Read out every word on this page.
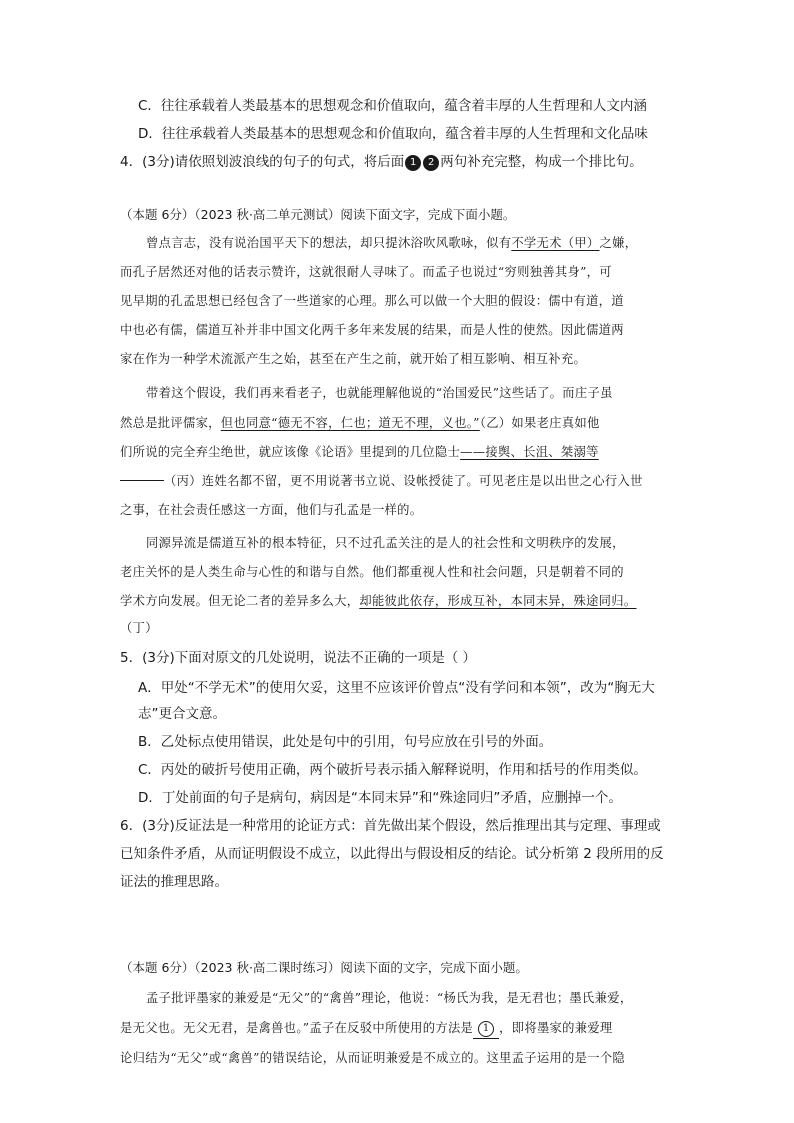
C．往往承载着人类最基本的思想观念和价值取向，蕴含着丰厚的人生哲理和人文内涵
D．往往承载着人类最基本的思想观念和价值取向，蕴含着丰厚的人生哲理和文化品味
4．(3分)请依照划波浪线的句子的句式，将后面 1 2 两句补充完整，构成一个排比句。
（本题 6分）（2023 秋·高二单元测试）阅读下面文字，完成下面小题。
曾点言志，没有说治国平天下的想法，却只提沐浴吹风歌咏，似有不学无术（甲）之嫌，
而孔子居然还对他的话表示赞许，这就很耐人寻味了。而孟子也说过“穷则独善其身”，可
见早期的孔孟思想已经包含了一些道家的心理。那么可以做一个大胆的假设：儒中有道，道
中也必有儒，儒道互补并非中国文化两千多年来发展的结果，而是人性的使然。因此儒道两
家在作为一种学术流派产生之始，甚至在产生之前，就开始了相互影响、相互补充。
带着这个假设，我们再来看老子，也就能理解他说的“治国爱民”这些话了。而庄子虽
然总是批评儒家，但也同意“德无不容，仁也；道无不理，义也。”（乙）如果老庄真如他
们所说的完全弃尘绝世，就应该像《论语》里提到的几位隐士——接舆、长沮、桀溺等
（丙）连姓名都不留，更不用说著书立说、设帐授徒了。可见老庄是以出世之心行入世
之事，在社会责任感这一方面，他们与孔孟是一样的。
同源异流是儒道互补的根本特征，只不过孔孟关注的是人的社会性和文明秩序的发展，
老庄关怀的是人类生命与心性的和谐与自然。他们都重视人性和社会问题，只是朝着不同的
学术方向发展。但无论二者的差异多么大，却能彼此依存，形成互补，本同末异，殊途同归。
（丁）
5．(3分)下面对原文的几处说明，说法不正确的一项是（ ）
A．甲处“不学无术”的使用欠妥，这里不应该评价曾点“没有学问和本领”，改为“胸无大
志”更合文意。
B．乙处标点使用错误，此处是句中的引用，句号应放在引号的外面。
C．丙处的破折号使用正确，两个破折号表示插入解释说明，作用和括号的作用类似。
D．丁处前面的句子是病句，病因是“本同末异”和“殊途同归”矛盾，应删掉一个。
6．(3分)反证法是一种常用的论证方式：首先做出某个假设，然后推理出其与定理、事理或
已知条件矛盾，从而证明假设不成立，以此得出与假设相反的结论。试分析第 2 段所用的反
证法的推理思路。
（本题 6分）（2023 秋·高二课时练习）阅读下面的文字，完成下面小题。
孟子批评墨家的兼爱是“无父”的“禽兽”理论，他说：“杨氏为我，是无君也；墨氏兼爱，
是无父也。无父无君，是禽兽也。”孟子在反驳中所使用的方法是 1 ，即将墨家的兼爱理
论归结为“无父”或“禽兽”的错误结论，从而证明兼爱是不成立的。这里孟子运用的是一个隐
